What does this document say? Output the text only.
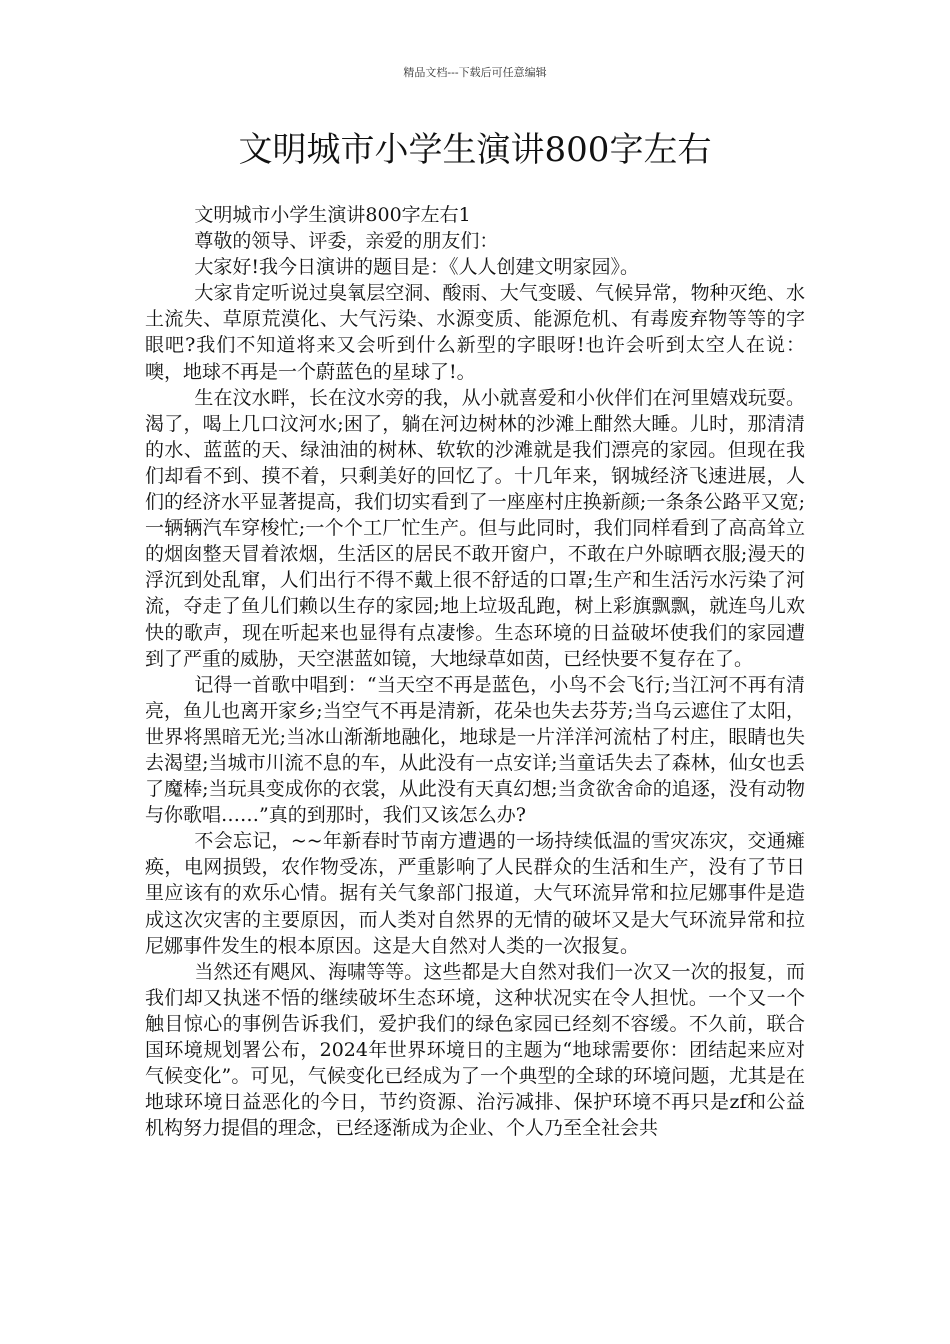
精品文档---下载后可任意编辑
文明城市小学生演讲800字左右

文明城市小学生演讲800字左右1

尊敬的领导、评委，亲爱的朋友们：

大家好!我今日演讲的题目是：《人人创建文明家园》。

大家肯定听说过臭氧层空洞、酸雨、大气变暖、气候异常，物种灭绝、水土流失、草原荒漠化、大气污染、水源变质、能源危机、有毒废弃物等等的字眼吧?我们不知道将来又会听到什么新型的字眼呀!也许会听到太空人在说：噢，地球不再是一个蔚蓝色的星球了!。

生在汶水畔，长在汶水旁的我，从小就喜爱和小伙伴们在河里嬉戏玩耍。渴了，喝上几口汶河水;困了，躺在河边树林的沙滩上酣然大睡。儿时，那清清的水、蓝蓝的天、绿油油的树林、软软的沙滩就是我们漂亮的家园。但现在我们却看不到、摸不着，只剩美好的回忆了。十几年来，钢城经济飞速进展，人们的经济水平显著提高，我们切实看到了一座座村庄换新颜;一条条公路平又宽;一辆辆汽车穿梭忙;一个个工厂忙生产。但与此同时，我们同样看到了高高耸立的烟囱整天冒着浓烟，生活区的居民不敢开窗户，不敢在户外晾晒衣服;漫天的浮沉到处乱窜，人们出行不得不戴上很不舒适的口罩;生产和生活污水污染了河流，夺走了鱼儿们赖以生存的家园;地上垃圾乱跑，树上彩旗飘飘，就连鸟儿欢快的歌声，现在听起来也显得有点凄惨。生态环境的日益破坏使我们的家园遭到了严重的威胁，天空湛蓝如镜，大地绿草如茵，已经快要不复存在了。

记得一首歌中唱到：“当天空不再是蓝色，小鸟不会飞行;当江河不再有清亮，鱼儿也离开家乡;当空气不再是清新，花朵也失去芬芳;当乌云遮住了太阳，世界将黑暗无光;当冰山渐渐地融化，地球是一片洋洋河流枯了村庄，眼睛也失去渴望;当城市川流不息的车，从此没有一点安详;当童话失去了森林，仙女也丢了魔棒;当玩具变成你的衣裳，从此没有天真幻想;当贪欲舍命的追逐，没有动物与你歌唱……”真的到那时，我们又该怎么办?

不会忘记，~~年新春时节南方遭遇的一场持续低温的雪灾冻灾，交通瘫痪，电网损毁，农作物受冻，严重影响了人民群众的生活和生产，没有了节日里应该有的欢乐心情。据有关气象部门报道，大气环流异常和拉尼娜事件是造成这次灾害的主要原因，而人类对自然界的无情的破坏又是大气环流异常和拉尼娜事件发生的根本原因。这是大自然对人类的一次报复。

当然还有飓风、海啸等等。这些都是大自然对我们一次又一次的报复，而我们却又执迷不悟的继续破坏生态环境，这种状况实在令人担忧。一个又一个触目惊心的事例告诉我们，爱护我们的绿色家园已经刻不容缓。不久前，联合国环境规划署公布，2024年世界环境日的主题为“地球需要你：团结起来应对气候变化”。可见，气候变化已经成为了一个典型的全球的环境问题，尤其是在地球环境日益恶化的今日，节约资源、治污减排、保护环境不再只是zf和公益机构努力提倡的理念，已经逐渐成为企业、个人乃至全社会共
